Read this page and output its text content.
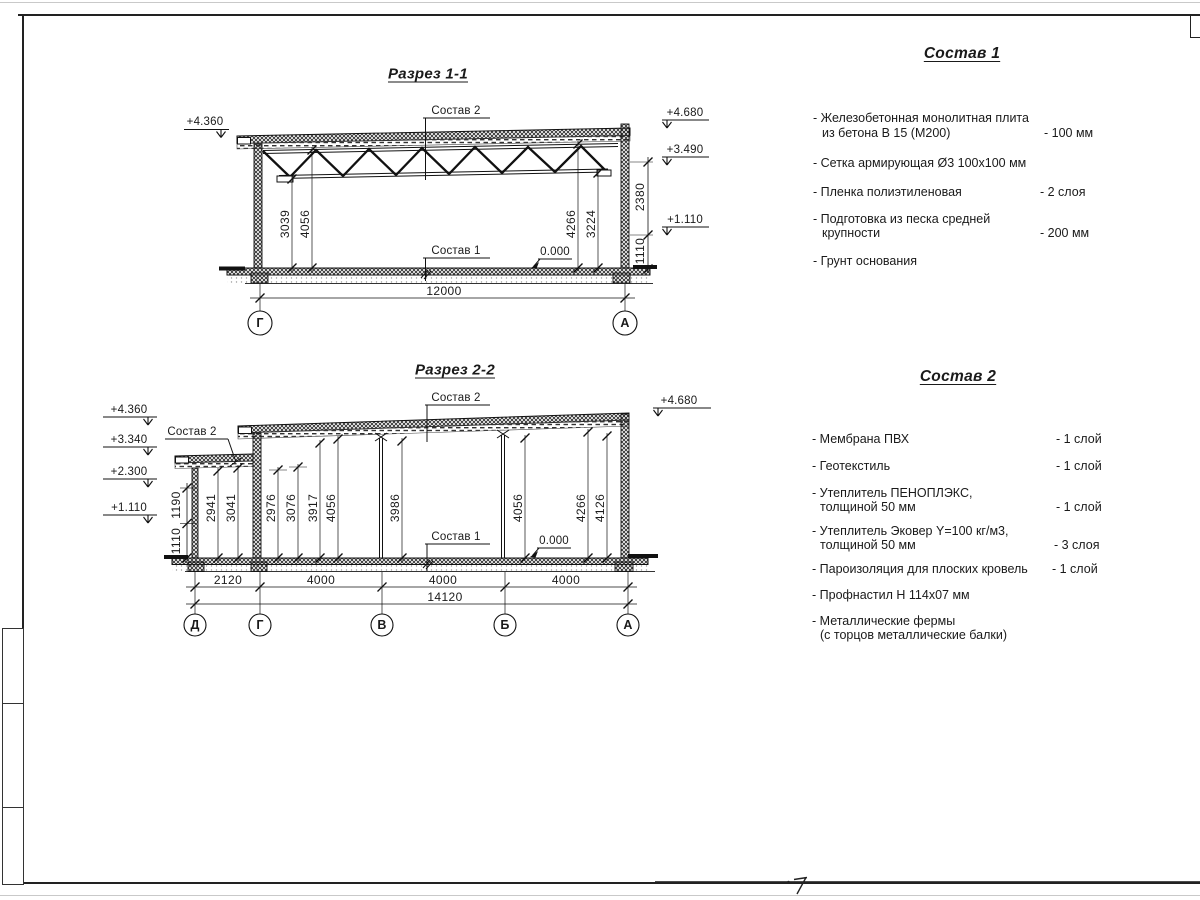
Разрез 1-1
Состав 2
Состав 1	0.000
+4.360
+4.680
+3.490
+1.110
2380
1110
3039 4056	4266 3224
12000
Г	А
Разрез 2-2
Состав 2
Состав 2
Состав 1	0.000
+4.360
+3.340
+2.300
+1.110
+4.680
1190
1110
2941 3041 2976 3076 3917 4056	3986	4056	4266 4126
2120	4000	4000	4000
14120
Д	Г	В	Б	А
Состав 1
- Железобетонная монолитная плита
из бетона В 15 (М200)	- 100 мм
- Сетка армирующая Ø3 100x100 мм
- Пленка полиэтиленовая	- 2 слоя
- Подготовка из песка средней
крупности	- 200 мм
- Грунт основания
Состав 2
- Мембрана ПВХ	- 1 слой
- Геотекстиль	- 1 слой
- Утеплитель ПЕНОПЛЭКС,
толщиной 50 мм	- 1 слой
- Утеплитель Эковер Y=100 кг/м3,
толщиной 50 мм	- 3 слоя
- Пароизоляция для плоских кровель - 1 слой
- Профнастил Н 114х07 мм
- Металлические фермы
(с торцов металлические балки)
